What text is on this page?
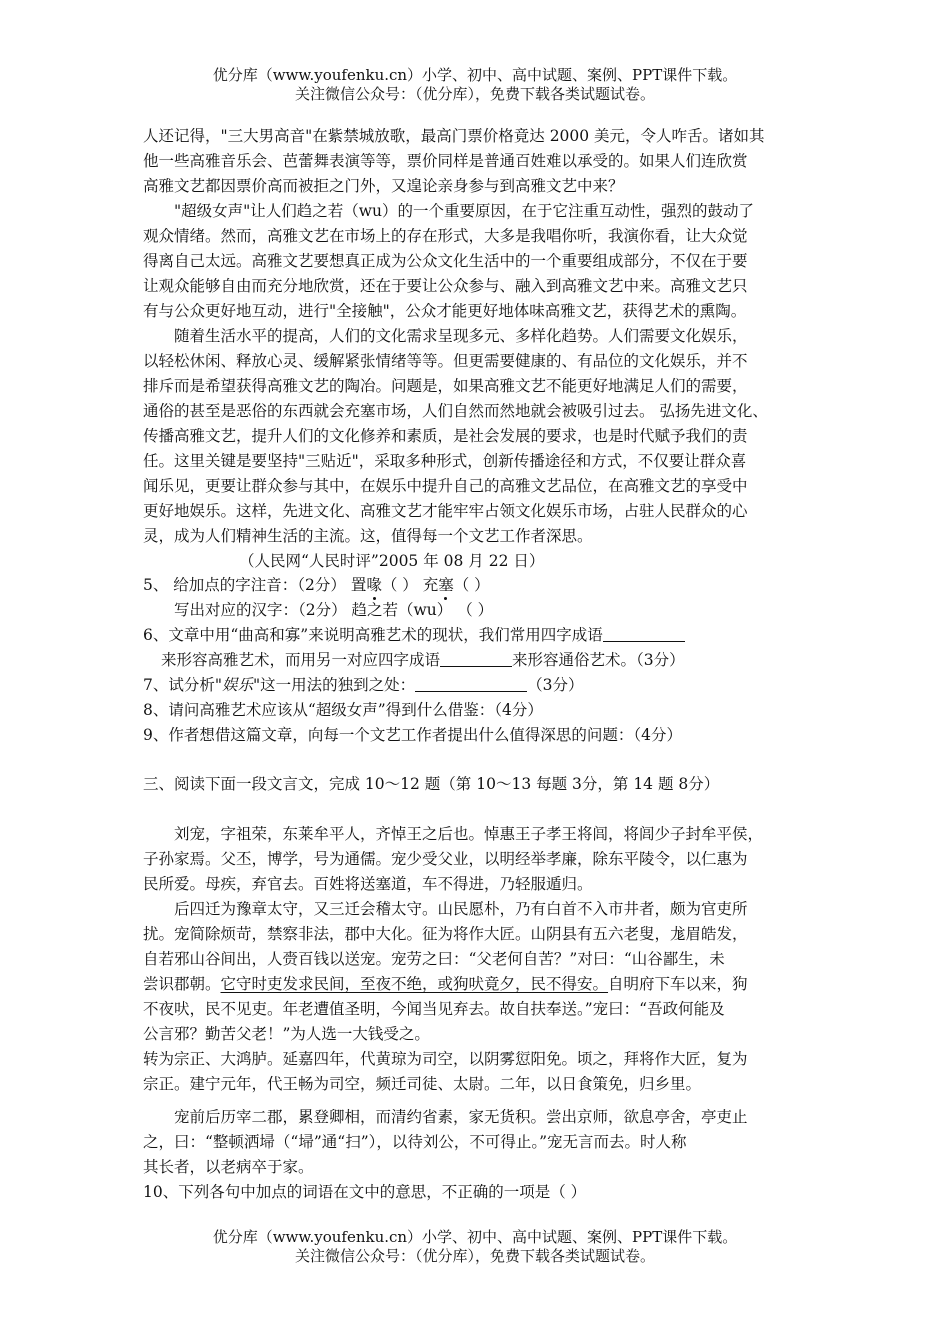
优分库（www.youfenku.cn）小学、初中、高中试题、案例、PPT课件下载。
关注微信公众号：（优分库），免费下载各类试题试卷。
人还记得，"三大男高音"在紫禁城放歌，最高门票价格竟达 2000 美元，令人咋舌。诸如其
他一些高雅音乐会、芭蕾舞表演等等，票价同样是普通百姓难以承受的。如果人们连欣赏
高雅文艺都因票价高而被拒之门外，又遑论亲身参与到高雅文艺中来？
"超级女声"让人们趋之若（wu）的一个重要原因，在于它注重互动性，强烈的鼓动了
观众情绪。然而，高雅文艺在市场上的存在形式，大多是我唱你听，我演你看，让大众觉
得离自己太远。高雅文艺要想真正成为公众文化生活中的一个重要组成部分，不仅在于要
让观众能够自由而充分地欣赏，还在于要让公众参与、融入到高雅文艺中来。高雅文艺只
有与公众更好地互动，进行"全接触"，公众才能更好地体味高雅文艺，获得艺术的熏陶。
随着生活水平的提高，人们的文化需求呈现多元、多样化趋势。人们需要文化娱乐，
以轻松休闲、释放心灵、缓解紧张情绪等等。但更需要健康的、有品位的文化娱乐，并不
排斥而是希望获得高雅文艺的陶冶。问题是，如果高雅文艺不能更好地满足人们的需要，
通俗的甚至是恶俗的东西就会充塞市场，人们自然而然地就会被吸引过去。 弘扬先进文化、
传播高雅文艺，提升人们的文化修养和素质，是社会发展的要求，也是时代赋予我们的责
任。这里关键是要坚持"三贴近"，采取多种形式，创新传播途径和方式，不仅要让群众喜
闻乐见，更要让群众参与其中，在娱乐中提升自己的高雅文艺品位，在高雅文艺的享受中
更好地娱乐。这样，先进文化、高雅文艺才能牢牢占领文化娱乐市场，占驻人民群众的心
灵，成为人们精神生活的主流。这，值得每一个文艺工作者深思。
（人民网“人民时评”2005 年 08 月 22 日）
5、 给加点的字注音：（2分） 置喙（ ） 充塞（ ）
写出对应的汉字：（2分） 趋之若（wu） （ ）
6、文章中用“曲高和寡”来说明高雅艺术的现状，我们常用四字成语
来形容高雅艺术，而用另一对应四字成语	来形容通俗艺术。（3分）
7、试分析"娱乐"这一用法的独到之处：	（3分）
8、请问高雅艺术应该从“超级女声”得到什么借鉴：（4分）
9、作者想借这篇文章，向每一个文艺工作者提出什么值得深思的问题：（4分）
三、阅读下面一段文言文，完成 10～12 题（第 10～13 每题 3分，第 14 题 8分）
刘宠，字祖荣，东莱牟平人，齐悼王之后也。悼惠王子孝王将闾，将闾少子封牟平侯，
子孙家焉。父丕，博学，号为通儒。宠少受父业，以明经举孝廉，除东平陵令，以仁惠为
民所爱。母疾，弃官去。百姓将送塞道，车不得进，乃轻服遁归。
后四迁为豫章太守，又三迁会稽太守。山民愿朴，乃有白首不入市井者，颇为官吏所
扰。宠简除烦苛，禁察非法，郡中大化。征为将作大匠。山阴县有五六老叟，尨眉皓发，
自若邪山谷间出，人赍百钱以送宠。宠劳之曰：“父老何自苦？”对曰：“山谷鄙生，未
尝识郡朝。它守时吏发求民间，至夜不绝，或狗吠竟夕，民不得安。自明府下车以来，狗
不夜吠，民不见吏。年老遭值圣明，今闻当见弃去。故自扶奉送。”宠曰：“吾政何能及
公言邪？勤苦父老！”为人选一大钱受之。
转为宗正、大鸿胪。延嘉四年，代黄琼为司空，以阴雾愆阳免。顷之，拜将作大匠，复为
宗正。建宁元年，代王畅为司空，频迁司徒、太尉。二年，以日食策免，归乡里。
宠前后历宰二郡，累登卿相，而清约省素，家无货积。尝出京师，欲息亭舍，亭吏止
之，曰：“整顿洒埽（“埽”通“扫”），以待刘公，不可得止。”宠无言而去。时人称
其长者，以老病卒于家。
10、下列各句中加点的词语在文中的意思，不正确的一项是（ ）
优分库（www.youfenku.cn）小学、初中、高中试题、案例、PPT课件下载。
关注微信公众号：（优分库），免费下载各类试题试卷。
